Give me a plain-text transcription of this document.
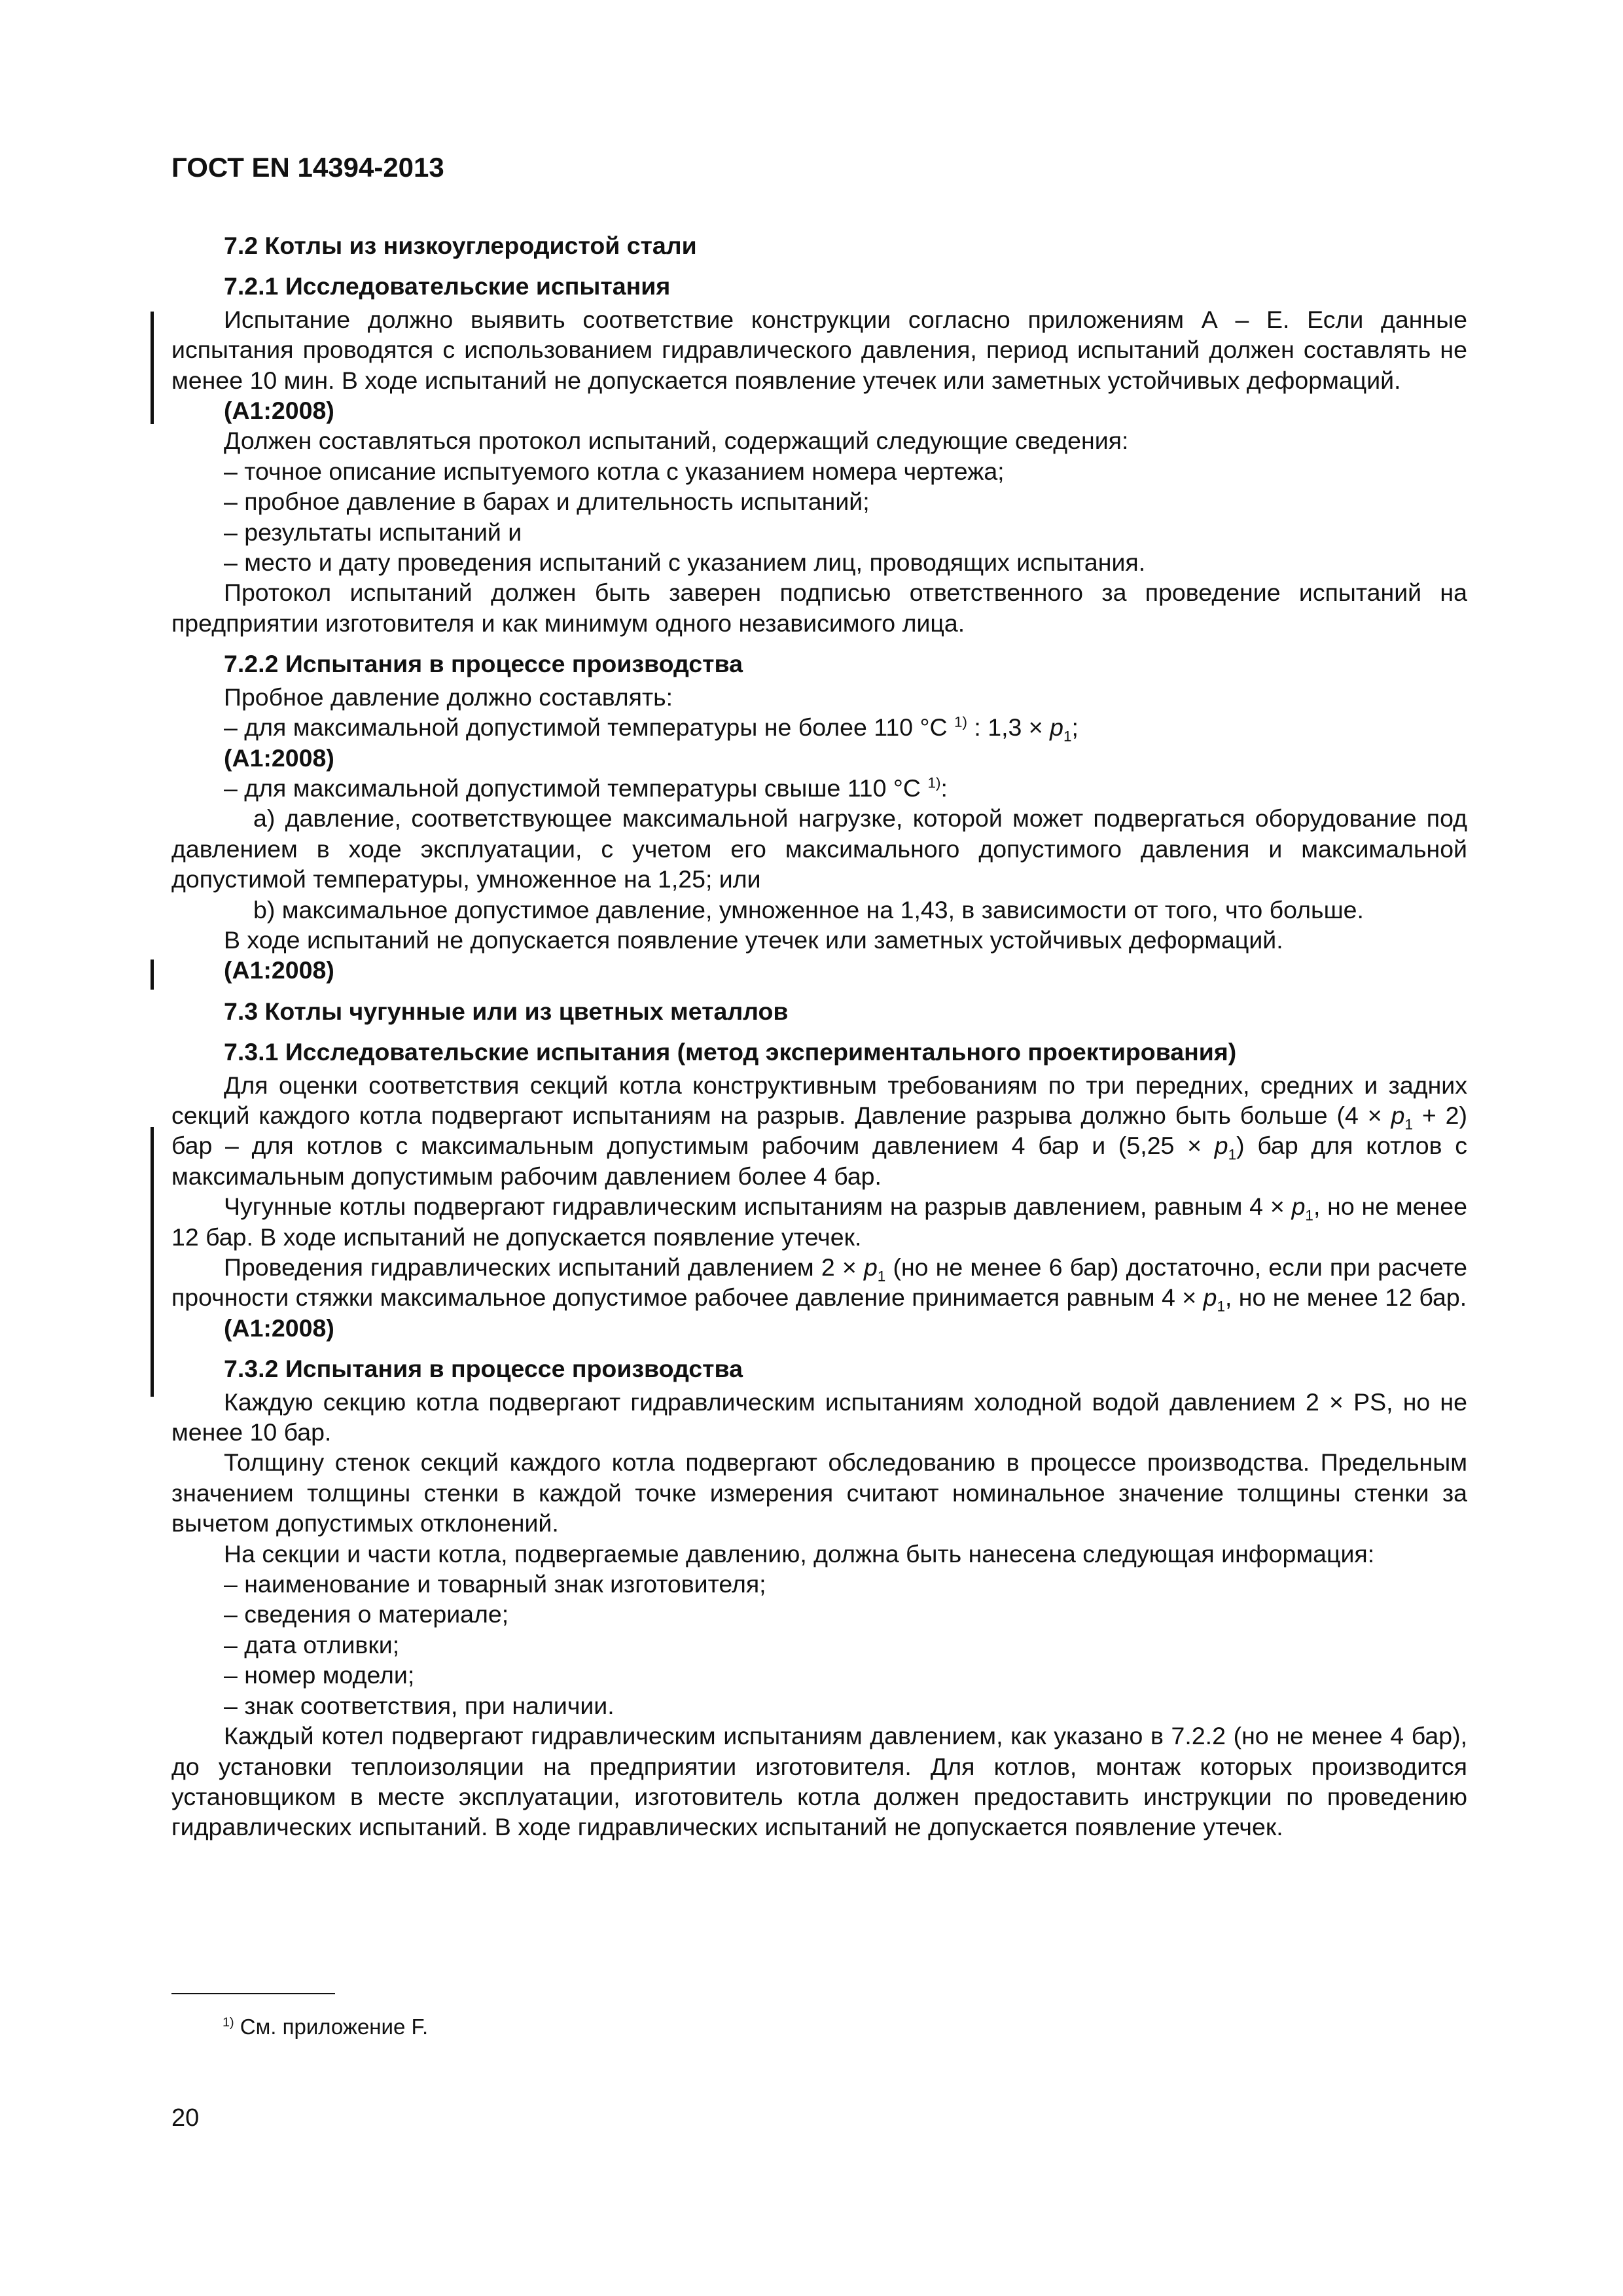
ГОСТ EN 14394-2013

7.2 Котлы из низкоуглеродистой стали

7.2.1 Исследовательские испытания

Испытание должно выявить соответствие конструкции согласно приложениям А – Е. Если данные испытания проводятся с использованием гидравлического давления, период испытаний должен составлять не менее 10 мин. В ходе испытаний не допускается появление утечек или заметных устойчивых деформаций.

(A1:2008)

Должен составляться протокол испытаний, содержащий следующие сведения:

– точное описание испытуемого котла с указанием номера чертежа;

– пробное давление в барах и длительность испытаний;

– результаты испытаний и

– место и дату проведения испытаний с указанием лиц, проводящих испытания.

Протокол испытаний должен быть заверен подписью ответственного за проведение испытаний на предприятии изготовителя и как минимум одного независимого лица.

7.2.2 Испытания в процессе производства

Пробное давление должно составлять:

– для максимальной допустимой температуры не более 110 °С $^{1)}$ : $1,3 \times p_1$;

(A1:2008)

– для максимальной допустимой температуры свыше 110 °С $^{1)}$:

a) давление, соответствующее максимальной нагрузке, которой может подвергаться оборудование под давлением в ходе эксплуатации, с учетом его максимального допустимого давления и максимальной допустимой температуры, умноженное на 1,25; или

b) максимальное допустимое давление, умноженное на 1,43, в зависимости от того, что больше.

В ходе испытаний не допускается появление утечек или заметных устойчивых деформаций.

(A1:2008)

7.3 Котлы чугунные или из цветных металлов

7.3.1 Исследовательские испытания (метод экспериментального проектирования)

Для оценки соответствия секций котла конструктивным требованиям по три передних, средних и задних секций каждого котла подвергают испытаниям на разрыв. Давление разрыва должно быть больше $(4 \times p_1 + 2)$ бар – для котлов с максимальным допустимым рабочим давлением 4 бар и $(5,25 \times p_1)$ бар для котлов с максимальным допустимым рабочим давлением более 4 бар.

Чугунные котлы подвергают гидравлическим испытаниям на разрыв давлением, равным $4 \times p_1$, но не менее 12 бар. В ходе испытаний не допускается появление утечек.

Проведения гидравлических испытаний давлением $2 \times p_1$ (но не менее 6 бар) достаточно, если при расчете прочности стяжки максимальное допустимое рабочее давление принимается равным $4 \times p_1$, но не менее 12 бар.

(A1:2008)

7.3.2 Испытания в процессе производства

Каждую секцию котла подвергают гидравлическим испытаниям холодной водой давлением 2 × PS, но не менее 10 бар.

Толщину стенок секций каждого котла подвергают обследованию в процессе производства. Предельным значением толщины стенки в каждой точке измерения считают номинальное значение толщины стенки за вычетом допустимых отклонений.

На секции и части котла, подвергаемые давлению, должна быть нанесена следующая информация:

– наименование и товарный знак изготовителя;

– сведения о материале;

– дата отливки;

– номер модели;

– знак соответствия, при наличии.

Каждый котел подвергают гидравлическим испытаниям давлением, как указано в 7.2.2 (но не менее 4 бар), до установки теплоизоляции на предприятии изготовителя. Для котлов, монтаж которых производится установщиком в месте эксплуатации, изготовитель котла должен предоставить инструкции по проведению гидравлических испытаний. В ходе гидравлических испытаний не допускается появление утечек.

$^{1)}$ См. приложение F.
20
